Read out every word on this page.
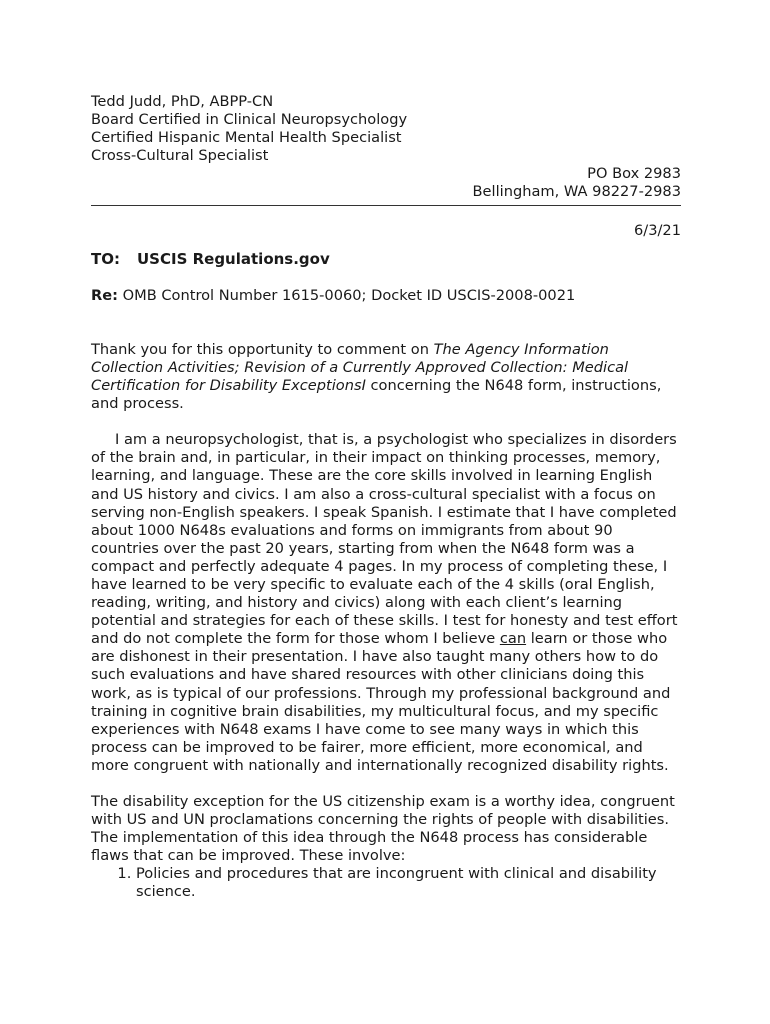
Tedd Judd, PhD, ABPP-CN
Board Certified in Clinical Neuropsychology
Certified Hispanic Mental Health Specialist
Cross-Cultural Specialist
PO Box 2983
Bellingham, WA 98227-2983
6/3/21
TO: USCIS Regulations.gov
Re: OMB Control Number 1615-0060; Docket ID USCIS-2008-0021
Thank you for this opportunity to comment on The Agency Information Collection Activities; Revision of a Currently Approved Collection: Medical Certification for Disability ExceptionsI concerning the N648 form, instructions, and process.
I am a neuropsychologist, that is, a psychologist who specializes in disorders of the brain and, in particular, in their impact on thinking processes, memory, learning, and language. These are the core skills involved in learning English and US history and civics. I am also a cross-cultural specialist with a focus on serving non-English speakers. I speak Spanish. I estimate that I have completed about 1000 N648s evaluations and forms on immigrants from about 90 countries over the past 20 years, starting from when the N648 form was a compact and perfectly adequate 4 pages. In my process of completing these, I have learned to be very specific to evaluate each of the 4 skills (oral English, reading, writing, and history and civics) along with each client’s learning potential and strategies for each of these skills. I test for honesty and test effort and do not complete the form for those whom I believe can learn or those who are dishonest in their presentation. I have also taught many others how to do such evaluations and have shared resources with other clinicians doing this work, as is typical of our professions. Through my professional background and training in cognitive brain disabilities, my multicultural focus, and my specific experiences with N648 exams I have come to see many ways in which this process can be improved to be fairer, more efficient, more economical, and more congruent with nationally and internationally recognized disability rights.
The disability exception for the US citizenship exam is a worthy idea, congruent with US and UN proclamations concerning the rights of people with disabilities. The implementation of this idea through the N648 process has considerable flaws that can be improved. These involve:
1. Policies and procedures that are incongruent with clinical and disability science.
